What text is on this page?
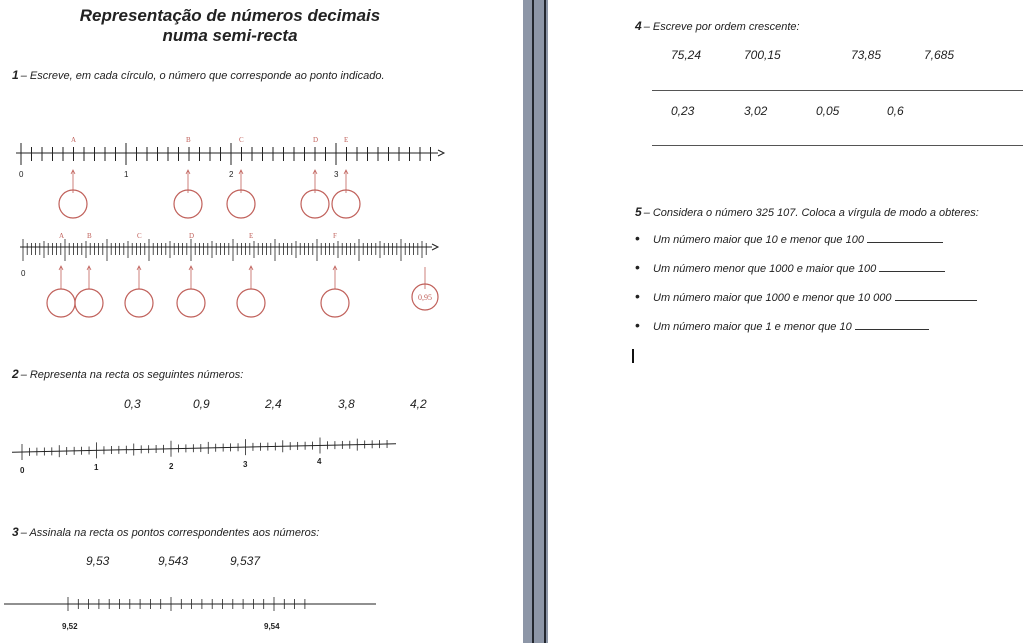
Representação de números decimais
numa semi-recta
1 – Escreve, em cada círculo, o número que corresponde ao ponto indicado.
0	1	2	3
A	B	C	D	E
0
A	B	C	D	E	F
0,95
2 – Representa na recta os seguintes números:
0,3	0,9	2,4	3,8	4,2
0	1	2	3	4
3 – Assinala na recta os pontos correspondentes aos números:
9,53	9,543	9,537
9,52	9,54
4 – Escreve por ordem crescente:
75,24	700,15	73,85	7,685
0,23	3,02	0,05	0,6
5 – Considera o número 325 107. Coloca a vírgula de modo a obteres:
• Um número maior que 10 e menor que 100
• Um número menor que 1000 e maior que 100
• Um número maior que 1000 e menor que 10 000
• Um número maior que 1 e menor que 10
